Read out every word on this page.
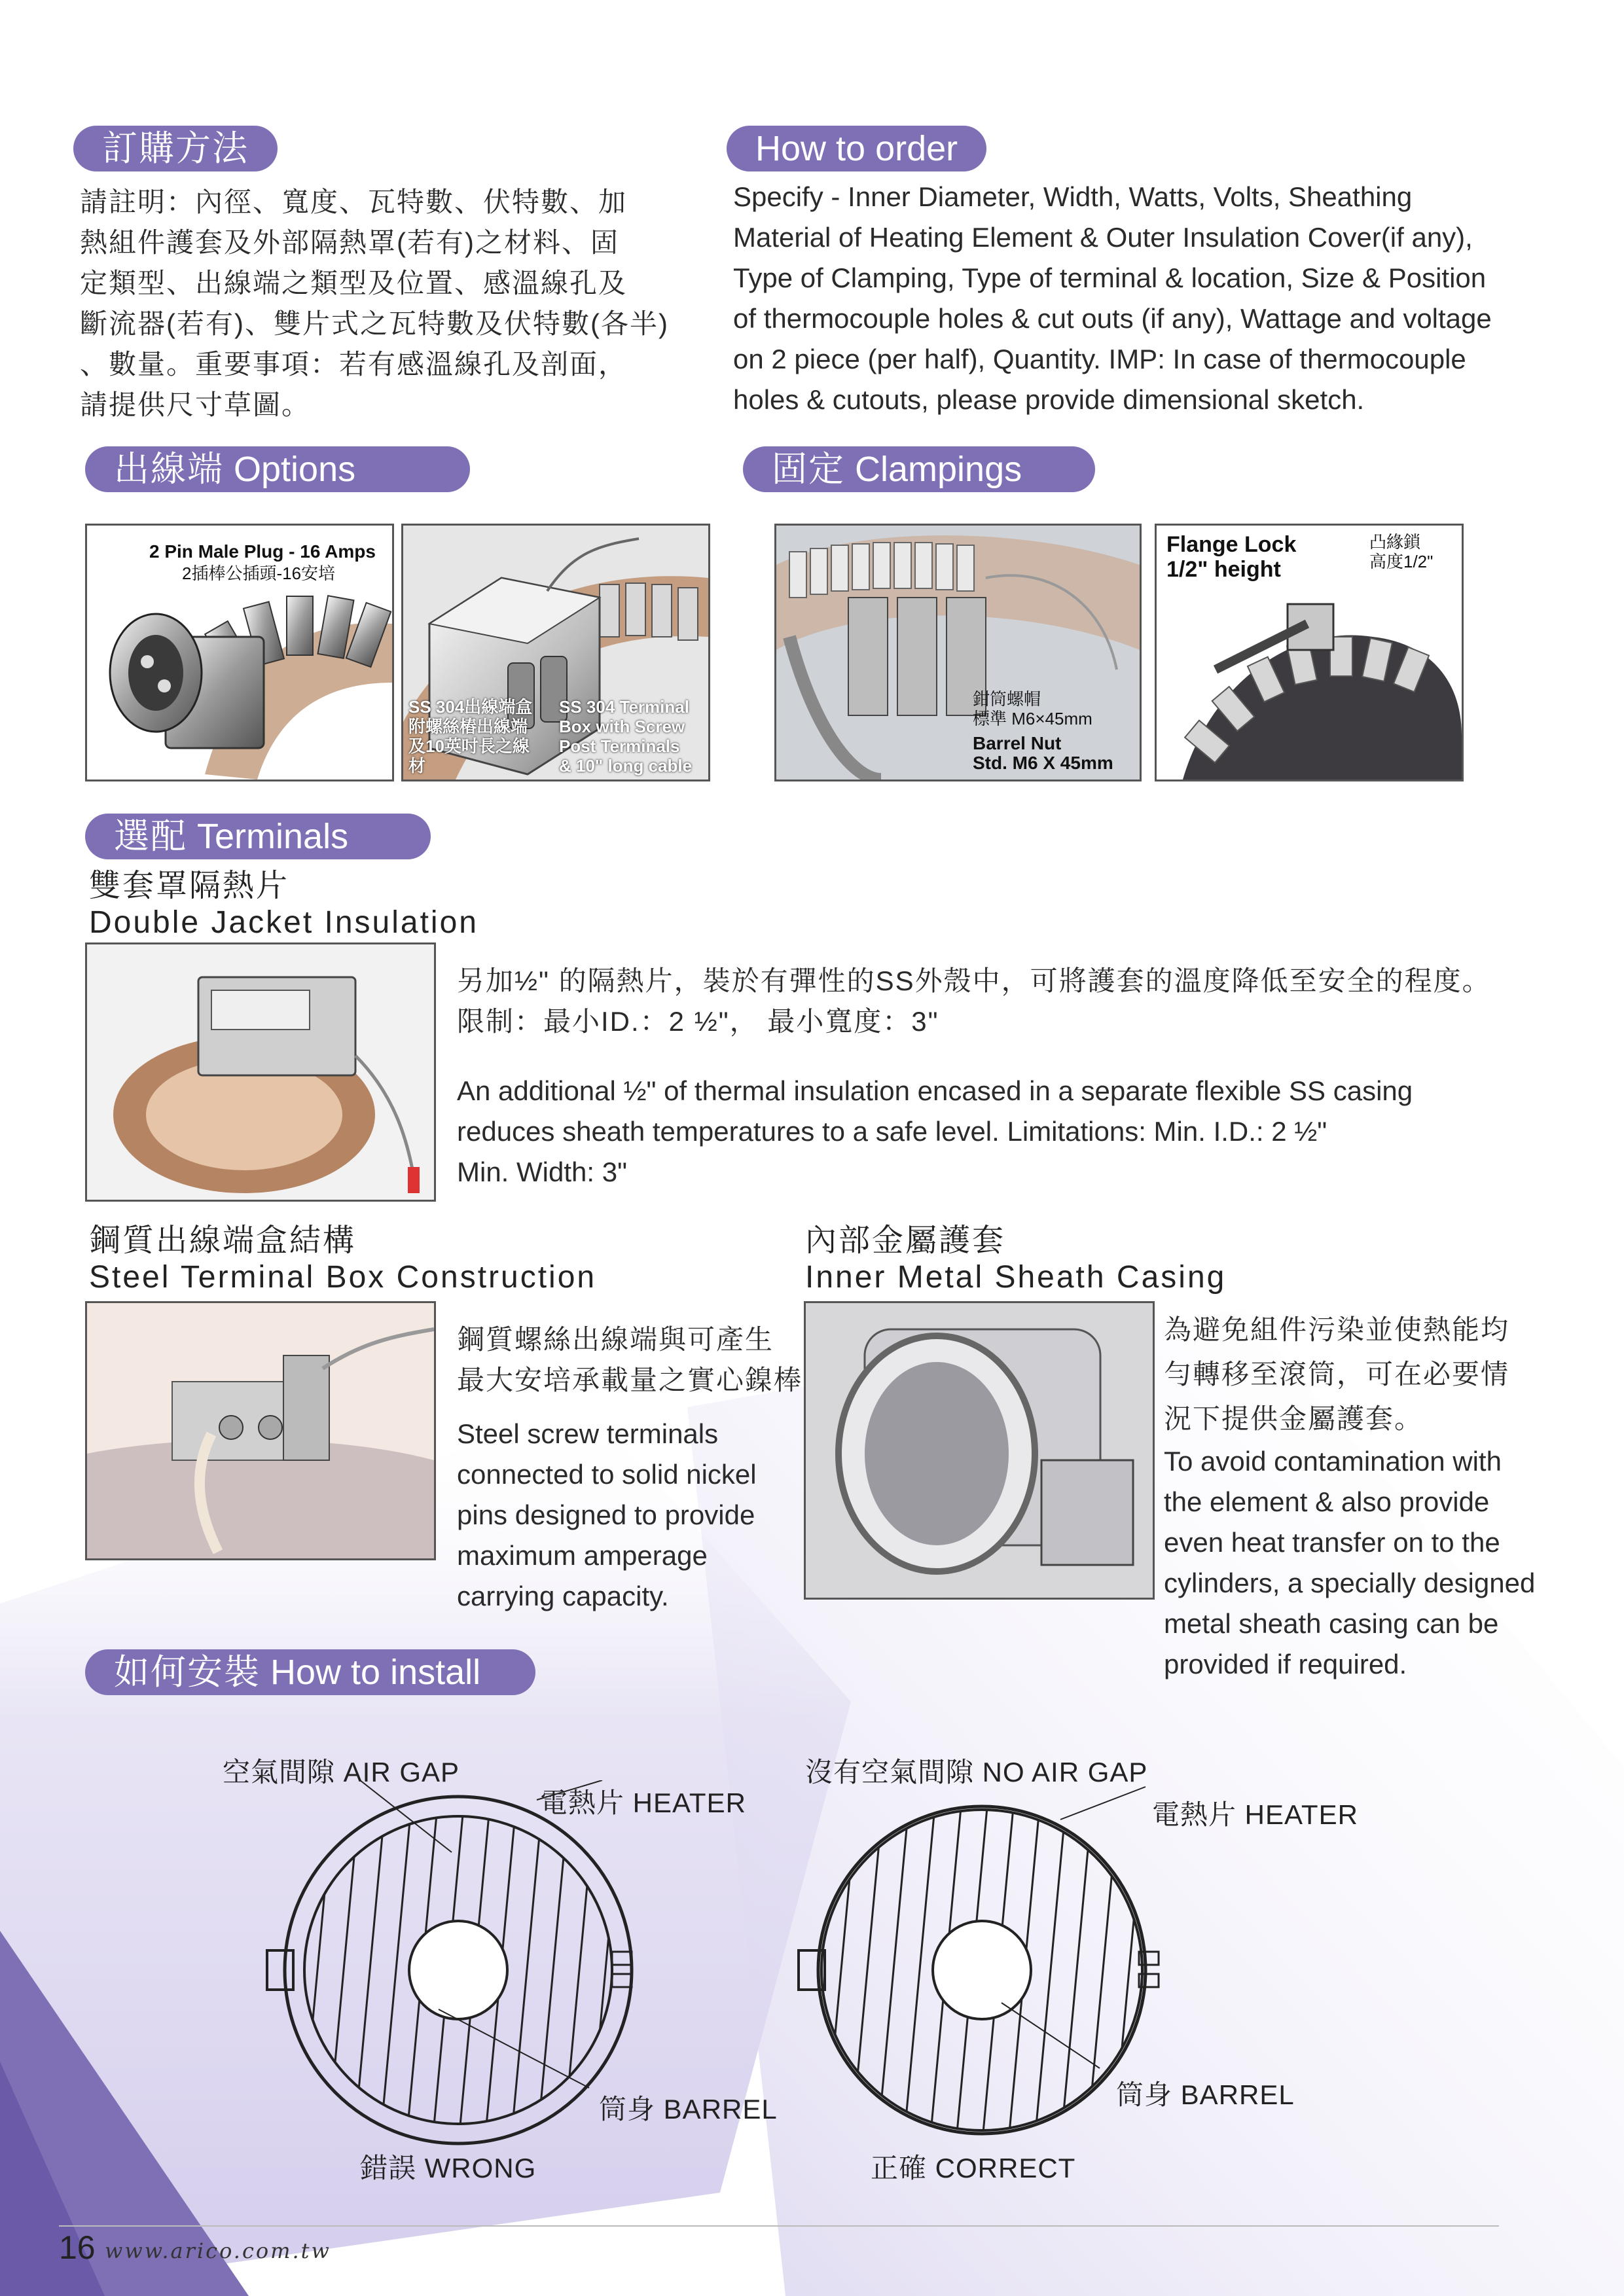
訂購方法	How to order
請註明：內徑、寬度、瓦特數、伏特數、加
熱組件護套及外部隔熱罩(若有)之材料、固
定類型、出線端之類型及位置、感溫線孔及
斷流器(若有)、雙片式之瓦特數及伏特數(各半)
、數量。重要事項：若有感溫線孔及剖面，
請提供尺寸草圖。
Specify - Inner Diameter, Width, Watts, Volts, Sheathing
Material of Heating Element & Outer Insulation Cover(if any),
Type of Clamping, Type of terminal & location, Size & Position
of thermocouple holes & cut outs (if any), Wattage and voltage
on 2 piece (per half), Quantity. IMP: In case of thermocouple
holes & cutouts, please provide dimensional sketch.
出線端 Options	固定 Clampings
2 Pin Male Plug - 16 Amps
2插棒公插頭-16安培
SS 304出線端盒
附螺絲樁出線端
及10英吋長之線
材
SS 304 Terminal
Box with Screw
Post Terminals
& 10" long cable
鉗筒螺帽
標準 M6×45mm
Barrel Nut
Std. M6 X 45mm
Flange Lock
1/2" height
凸緣鎖
高度1/2"
選配 Terminals
雙套罩隔熱片
Double Jacket Insulation
另加½" 的隔熱片，裝於有彈性的SS外殼中，可將護套的溫度降低至安全的程度。
限制：最小ID.：2 ½"， 最小寬度：3"
An additional ½" of thermal insulation encased in a separate flexible SS casing
reduces sheath temperatures to a safe level. Limitations: Min. I.D.: 2 ½"
Min. Width: 3"
鋼質出線端盒結構
Steel Terminal Box Construction
鋼質螺絲出線端與可產生
最大安培承載量之實心鎳棒
Steel screw terminals
connected to solid nickel
pins designed to provide
maximum amperage
carrying capacity.
內部金屬護套
Inner Metal Sheath Casing
為避免組件污染並使熱能均
勻轉移至滾筒，可在必要情
況下提供金屬護套。
To avoid contamination with
the element & also provide
even heat transfer on to the
cylinders, a specially designed
metal sheath casing can be
provided if required.
如何安裝 How to install
空氣間隙 AIR GAP
電熱片 HEATER
筒身 BARREL
錯誤 WRONG
沒有空氣間隙 NO AIR GAP
電熱片 HEATER
筒身 BARREL
正確 CORRECT
16 www.arico.com.tw
